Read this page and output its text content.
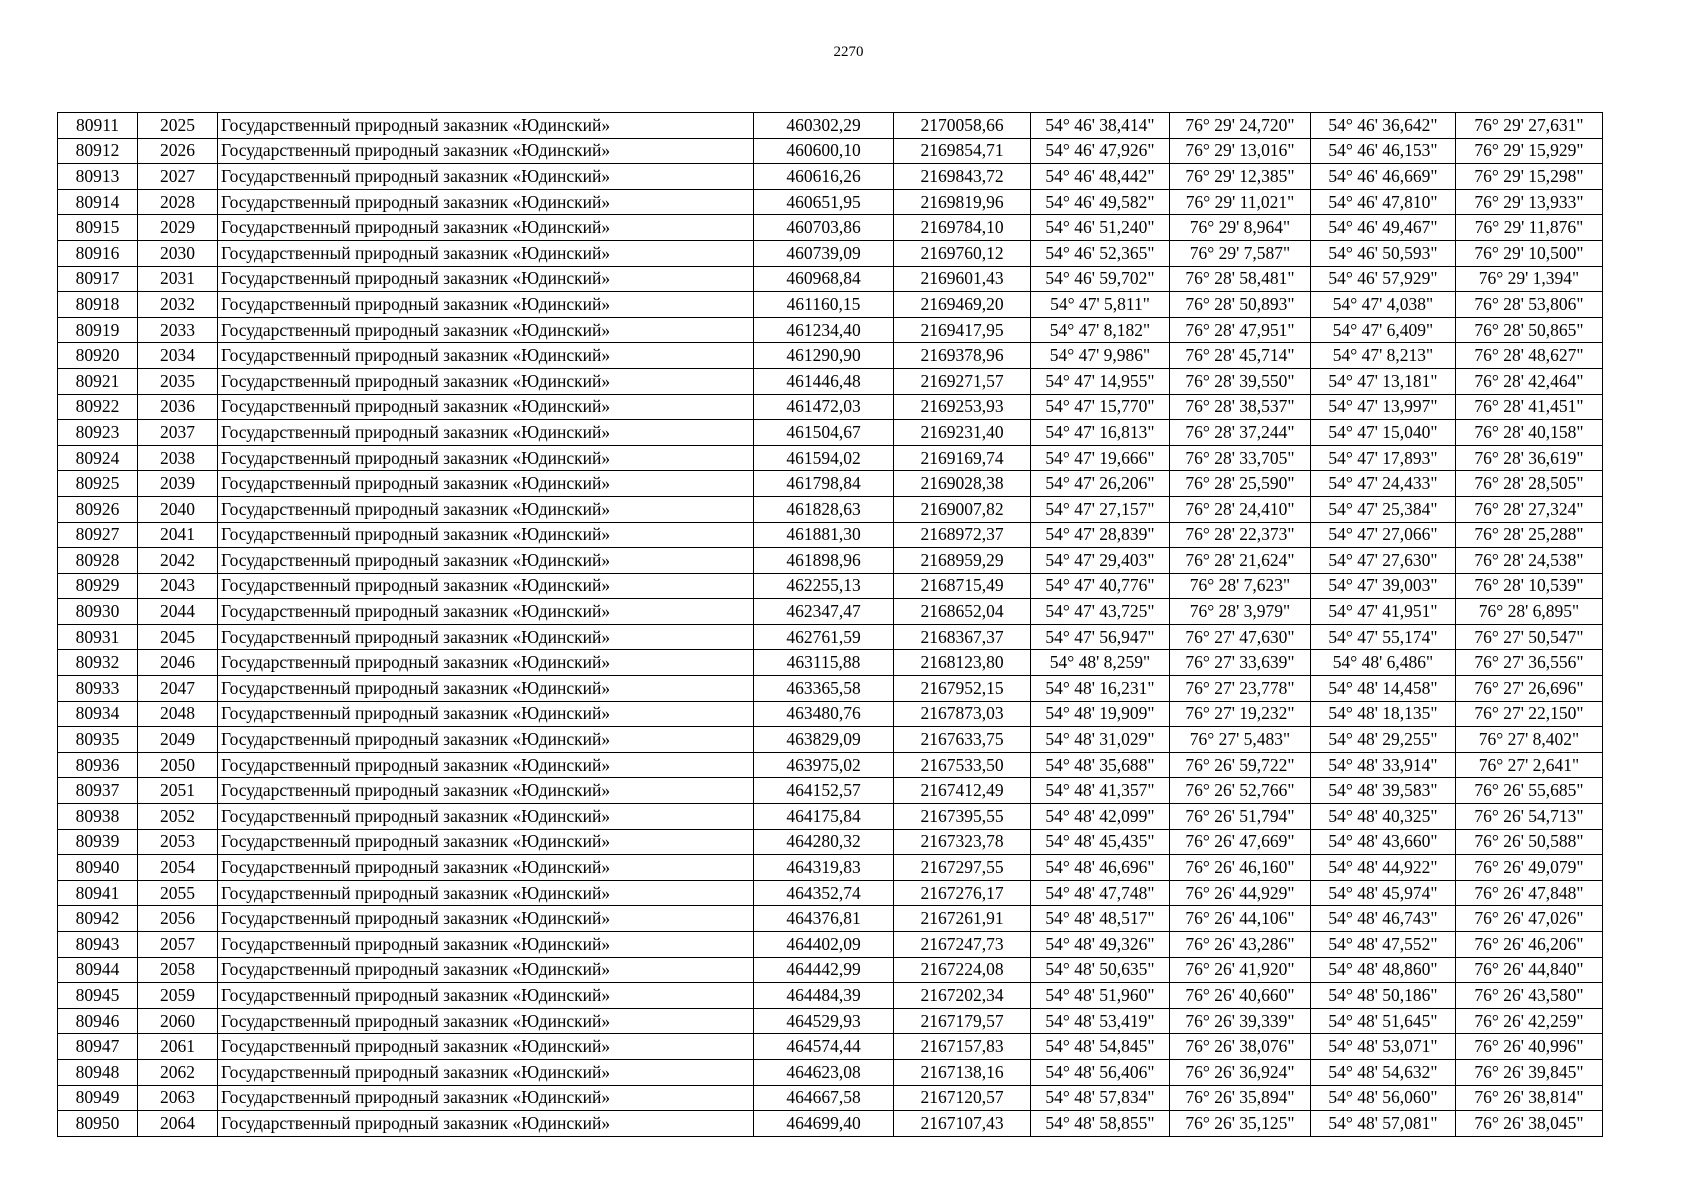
2270
80911	2025	Государственный природный заказник «Юдинский»	460302,29	2170058,66	54° 46' 38,414"	76° 29' 24,720"	54° 46' 36,642"	76° 29' 27,631"
80912	2026	Государственный природный заказник «Юдинский»	460600,10	2169854,71	54° 46' 47,926"	76° 29' 13,016"	54° 46' 46,153"	76° 29' 15,929"
80913	2027	Государственный природный заказник «Юдинский»	460616,26	2169843,72	54° 46' 48,442"	76° 29' 12,385"	54° 46' 46,669"	76° 29' 15,298"
80914	2028	Государственный природный заказник «Юдинский»	460651,95	2169819,96	54° 46' 49,582"	76° 29' 11,021"	54° 46' 47,810"	76° 29' 13,933"
80915	2029	Государственный природный заказник «Юдинский»	460703,86	2169784,10	54° 46' 51,240"	76° 29' 8,964"	54° 46' 49,467"	76° 29' 11,876"
80916	2030	Государственный природный заказник «Юдинский»	460739,09	2169760,12	54° 46' 52,365"	76° 29' 7,587"	54° 46' 50,593"	76° 29' 10,500"
80917	2031	Государственный природный заказник «Юдинский»	460968,84	2169601,43	54° 46' 59,702"	76° 28' 58,481"	54° 46' 57,929"	76° 29' 1,394"
80918	2032	Государственный природный заказник «Юдинский»	461160,15	2169469,20	54° 47' 5,811"	76° 28' 50,893"	54° 47' 4,038"	76° 28' 53,806"
80919	2033	Государственный природный заказник «Юдинский»	461234,40	2169417,95	54° 47' 8,182"	76° 28' 47,951"	54° 47' 6,409"	76° 28' 50,865"
80920	2034	Государственный природный заказник «Юдинский»	461290,90	2169378,96	54° 47' 9,986"	76° 28' 45,714"	54° 47' 8,213"	76° 28' 48,627"
80921	2035	Государственный природный заказник «Юдинский»	461446,48	2169271,57	54° 47' 14,955"	76° 28' 39,550"	54° 47' 13,181"	76° 28' 42,464"
80922	2036	Государственный природный заказник «Юдинский»	461472,03	2169253,93	54° 47' 15,770"	76° 28' 38,537"	54° 47' 13,997"	76° 28' 41,451"
80923	2037	Государственный природный заказник «Юдинский»	461504,67	2169231,40	54° 47' 16,813"	76° 28' 37,244"	54° 47' 15,040"	76° 28' 40,158"
80924	2038	Государственный природный заказник «Юдинский»	461594,02	2169169,74	54° 47' 19,666"	76° 28' 33,705"	54° 47' 17,893"	76° 28' 36,619"
80925	2039	Государственный природный заказник «Юдинский»	461798,84	2169028,38	54° 47' 26,206"	76° 28' 25,590"	54° 47' 24,433"	76° 28' 28,505"
80926	2040	Государственный природный заказник «Юдинский»	461828,63	2169007,82	54° 47' 27,157"	76° 28' 24,410"	54° 47' 25,384"	76° 28' 27,324"
80927	2041	Государственный природный заказник «Юдинский»	461881,30	2168972,37	54° 47' 28,839"	76° 28' 22,373"	54° 47' 27,066"	76° 28' 25,288"
80928	2042	Государственный природный заказник «Юдинский»	461898,96	2168959,29	54° 47' 29,403"	76° 28' 21,624"	54° 47' 27,630"	76° 28' 24,538"
80929	2043	Государственный природный заказник «Юдинский»	462255,13	2168715,49	54° 47' 40,776"	76° 28' 7,623"	54° 47' 39,003"	76° 28' 10,539"
80930	2044	Государственный природный заказник «Юдинский»	462347,47	2168652,04	54° 47' 43,725"	76° 28' 3,979"	54° 47' 41,951"	76° 28' 6,895"
80931	2045	Государственный природный заказник «Юдинский»	462761,59	2168367,37	54° 47' 56,947"	76° 27' 47,630"	54° 47' 55,174"	76° 27' 50,547"
80932	2046	Государственный природный заказник «Юдинский»	463115,88	2168123,80	54° 48' 8,259"	76° 27' 33,639"	54° 48' 6,486"	76° 27' 36,556"
80933	2047	Государственный природный заказник «Юдинский»	463365,58	2167952,15	54° 48' 16,231"	76° 27' 23,778"	54° 48' 14,458"	76° 27' 26,696"
80934	2048	Государственный природный заказник «Юдинский»	463480,76	2167873,03	54° 48' 19,909"	76° 27' 19,232"	54° 48' 18,135"	76° 27' 22,150"
80935	2049	Государственный природный заказник «Юдинский»	463829,09	2167633,75	54° 48' 31,029"	76° 27' 5,483"	54° 48' 29,255"	76° 27' 8,402"
80936	2050	Государственный природный заказник «Юдинский»	463975,02	2167533,50	54° 48' 35,688"	76° 26' 59,722"	54° 48' 33,914"	76° 27' 2,641"
80937	2051	Государственный природный заказник «Юдинский»	464152,57	2167412,49	54° 48' 41,357"	76° 26' 52,766"	54° 48' 39,583"	76° 26' 55,685"
80938	2052	Государственный природный заказник «Юдинский»	464175,84	2167395,55	54° 48' 42,099"	76° 26' 51,794"	54° 48' 40,325"	76° 26' 54,713"
80939	2053	Государственный природный заказник «Юдинский»	464280,32	2167323,78	54° 48' 45,435"	76° 26' 47,669"	54° 48' 43,660"	76° 26' 50,588"
80940	2054	Государственный природный заказник «Юдинский»	464319,83	2167297,55	54° 48' 46,696"	76° 26' 46,160"	54° 48' 44,922"	76° 26' 49,079"
80941	2055	Государственный природный заказник «Юдинский»	464352,74	2167276,17	54° 48' 47,748"	76° 26' 44,929"	54° 48' 45,974"	76° 26' 47,848"
80942	2056	Государственный природный заказник «Юдинский»	464376,81	2167261,91	54° 48' 48,517"	76° 26' 44,106"	54° 48' 46,743"	76° 26' 47,026"
80943	2057	Государственный природный заказник «Юдинский»	464402,09	2167247,73	54° 48' 49,326"	76° 26' 43,286"	54° 48' 47,552"	76° 26' 46,206"
80944	2058	Государственный природный заказник «Юдинский»	464442,99	2167224,08	54° 48' 50,635"	76° 26' 41,920"	54° 48' 48,860"	76° 26' 44,840"
80945	2059	Государственный природный заказник «Юдинский»	464484,39	2167202,34	54° 48' 51,960"	76° 26' 40,660"	54° 48' 50,186"	76° 26' 43,580"
80946	2060	Государственный природный заказник «Юдинский»	464529,93	2167179,57	54° 48' 53,419"	76° 26' 39,339"	54° 48' 51,645"	76° 26' 42,259"
80947	2061	Государственный природный заказник «Юдинский»	464574,44	2167157,83	54° 48' 54,845"	76° 26' 38,076"	54° 48' 53,071"	76° 26' 40,996"
80948	2062	Государственный природный заказник «Юдинский»	464623,08	2167138,16	54° 48' 56,406"	76° 26' 36,924"	54° 48' 54,632"	76° 26' 39,845"
80949	2063	Государственный природный заказник «Юдинский»	464667,58	2167120,57	54° 48' 57,834"	76° 26' 35,894"	54° 48' 56,060"	76° 26' 38,814"
80950	2064	Государственный природный заказник «Юдинский»	464699,40	2167107,43	54° 48' 58,855"	76° 26' 35,125"	54° 48' 57,081"	76° 26' 38,045"
